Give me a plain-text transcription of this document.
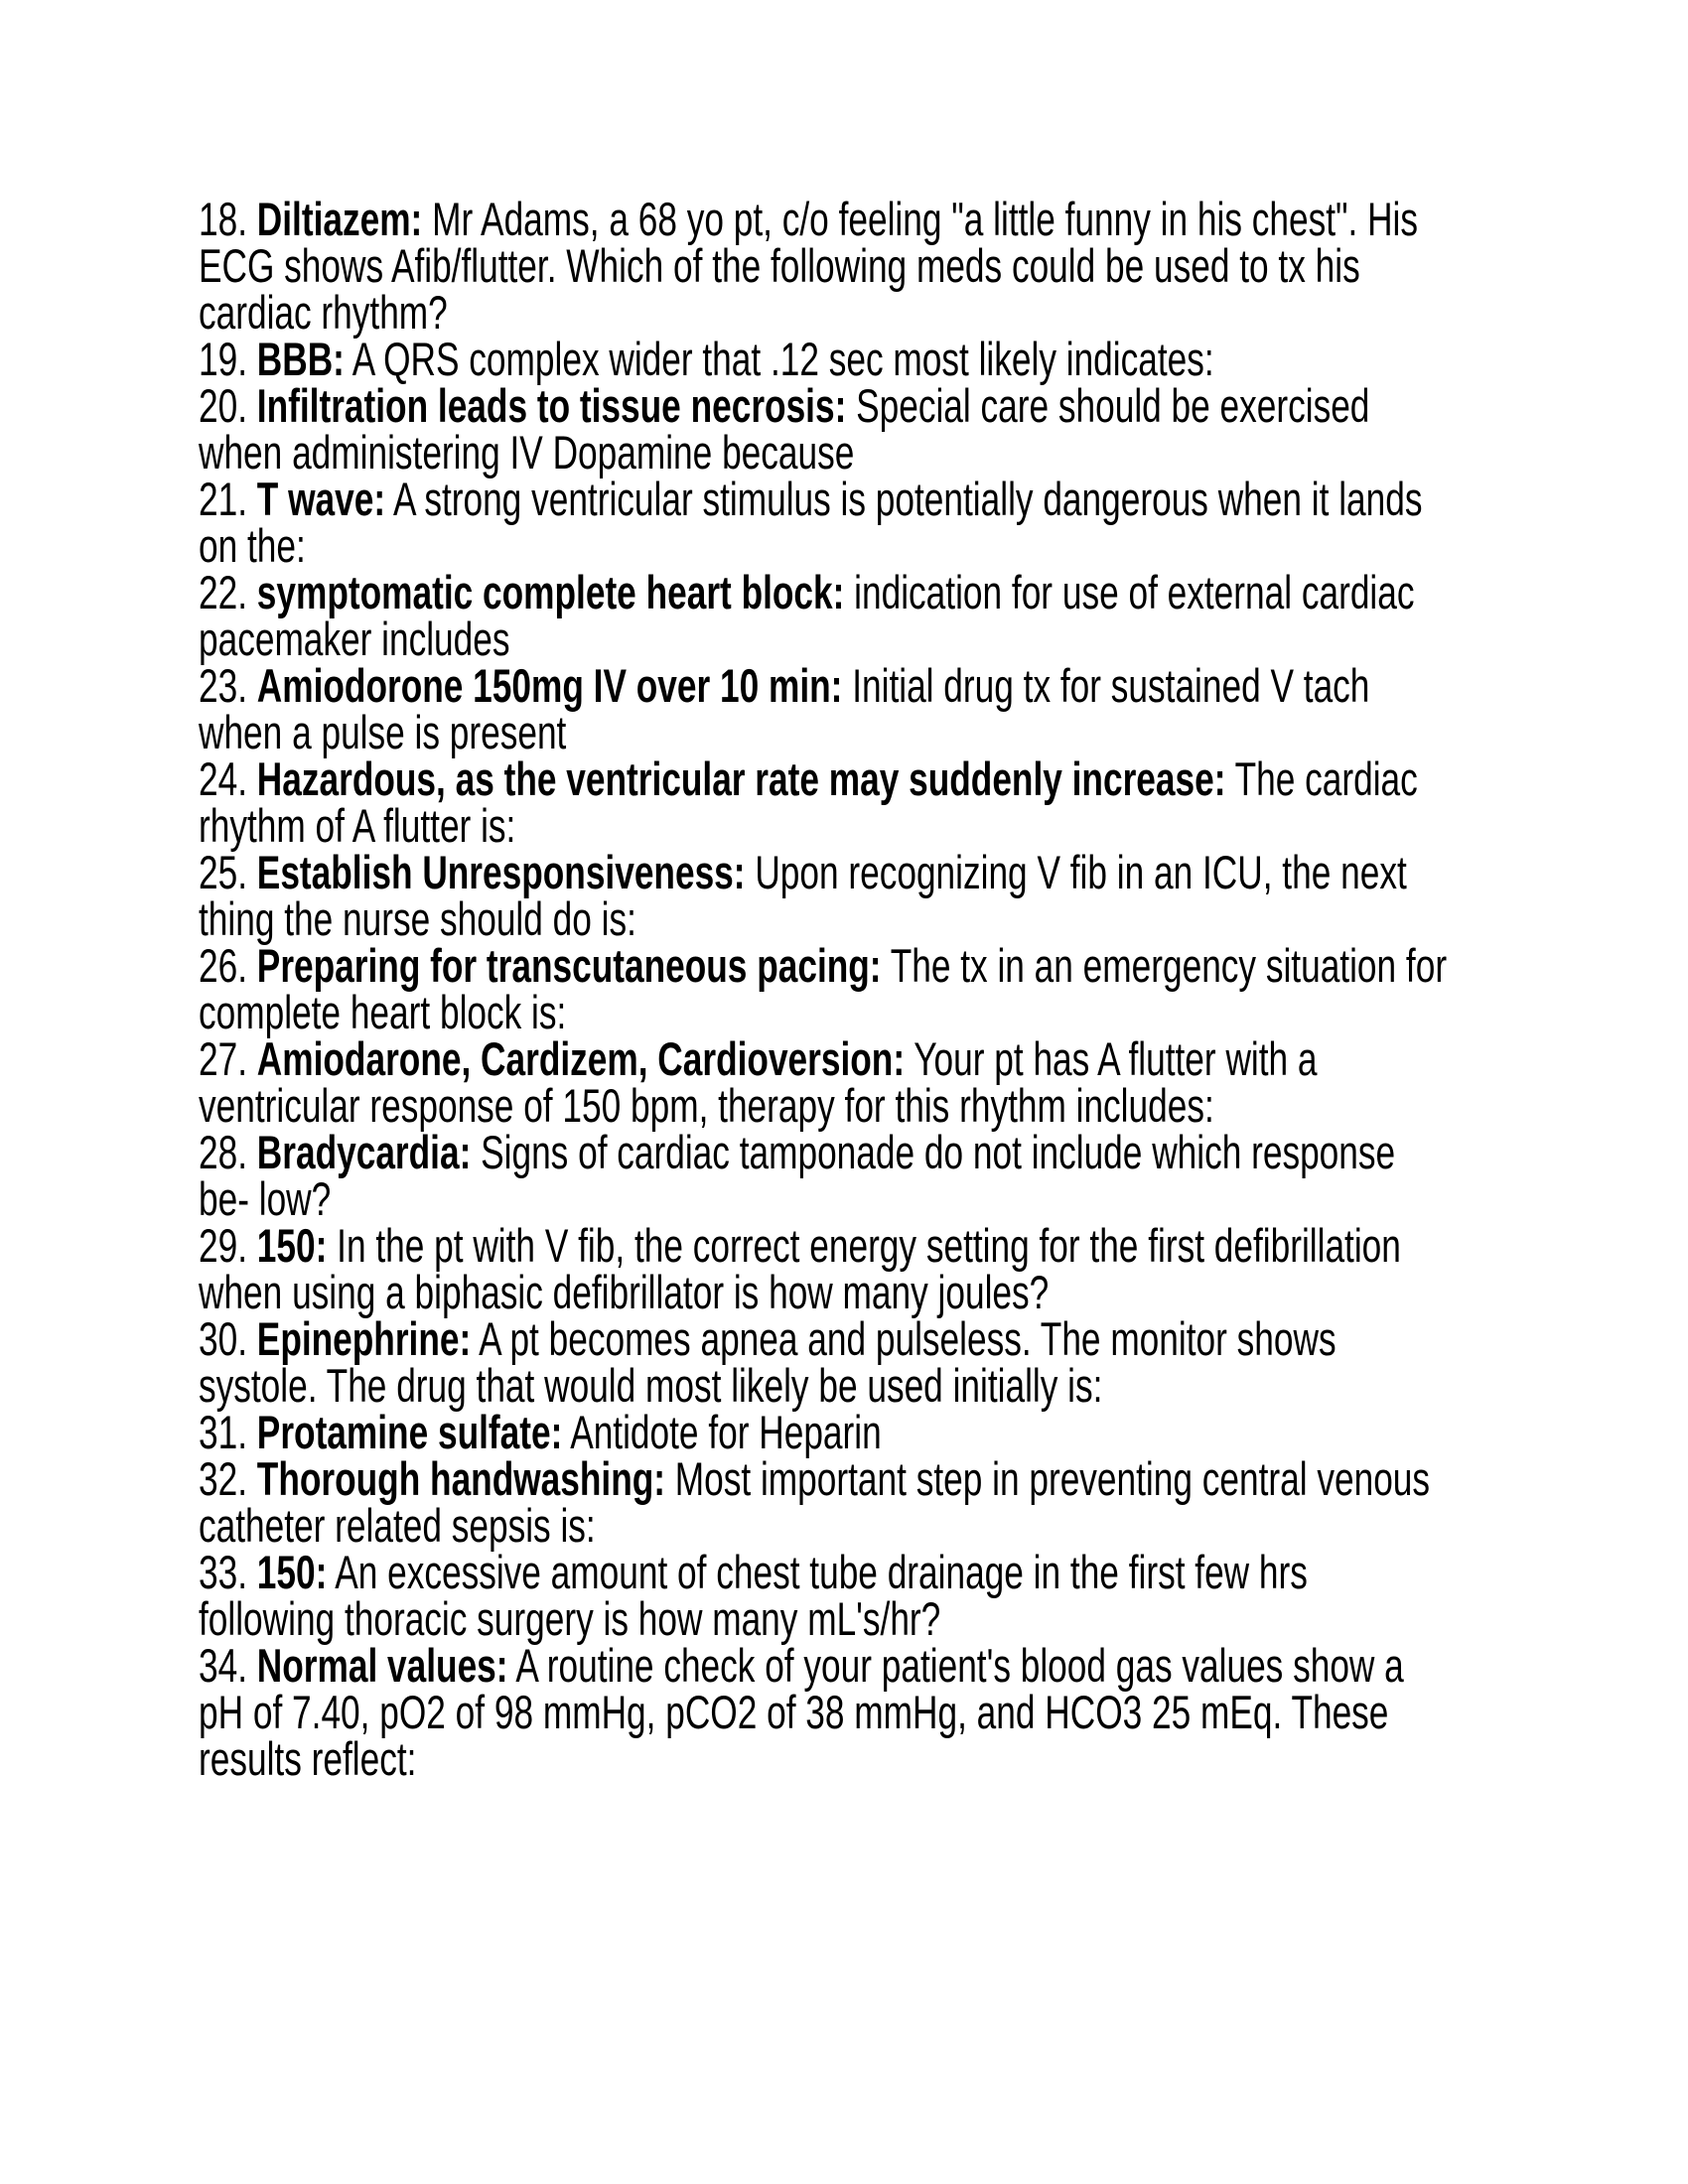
18. Diltiazem: Mr Adams, a 68 yo pt, c/o feeling "a little funny in his chest". His ECG shows Afib/flutter. Which of the following meds could be used to tx his cardiac rhythm?

19. BBB: A QRS complex wider that .12 sec most likely indicates:

20. Infiltration leads to tissue necrosis: Special care should be exercised when administering IV Dopamine because

21. T wave: A strong ventricular stimulus is potentially dangerous when it lands on the:

22. symptomatic complete heart block: indication for use of external cardiac pacemaker includes

23. Amiodorone 150mg IV over 10 min: Initial drug tx for sustained V tach when a pulse is present

24. Hazardous, as the ventricular rate may suddenly increase: The cardiac rhythm of A flutter is:

25. Establish Unresponsiveness: Upon recognizing V fib in an ICU, the next thing the nurse should do is:

26. Preparing for transcutaneous pacing: The tx in an emergency situation for complete heart block is:

27. Amiodarone, Cardizem, Cardioversion: Your pt has A flutter with a ventricular response of 150 bpm, therapy for this rhythm includes:

28. Bradycardia: Signs of cardiac tamponade do not include which response be- low?

29. 150: In the pt with V fib, the correct energy setting for the first defibrillation when using a biphasic defibrillator is how many joules?

30. Epinephrine: A pt becomes apnea and pulseless. The monitor shows systole. The drug that would most likely be used initially is:

31. Protamine sulfate: Antidote for Heparin

32. Thorough handwashing: Most important step in preventing central venous catheter related sepsis is:

33. 150: An excessive amount of chest tube drainage in the first few hrs following thoracic surgery is how many mL's/hr?

34. Normal values: A routine check of your patient's blood gas values show a pH of 7.40, pO2 of 98 mmHg, pCO2 of 38 mmHg, and HCO3 25 mEq. These results reflect:
